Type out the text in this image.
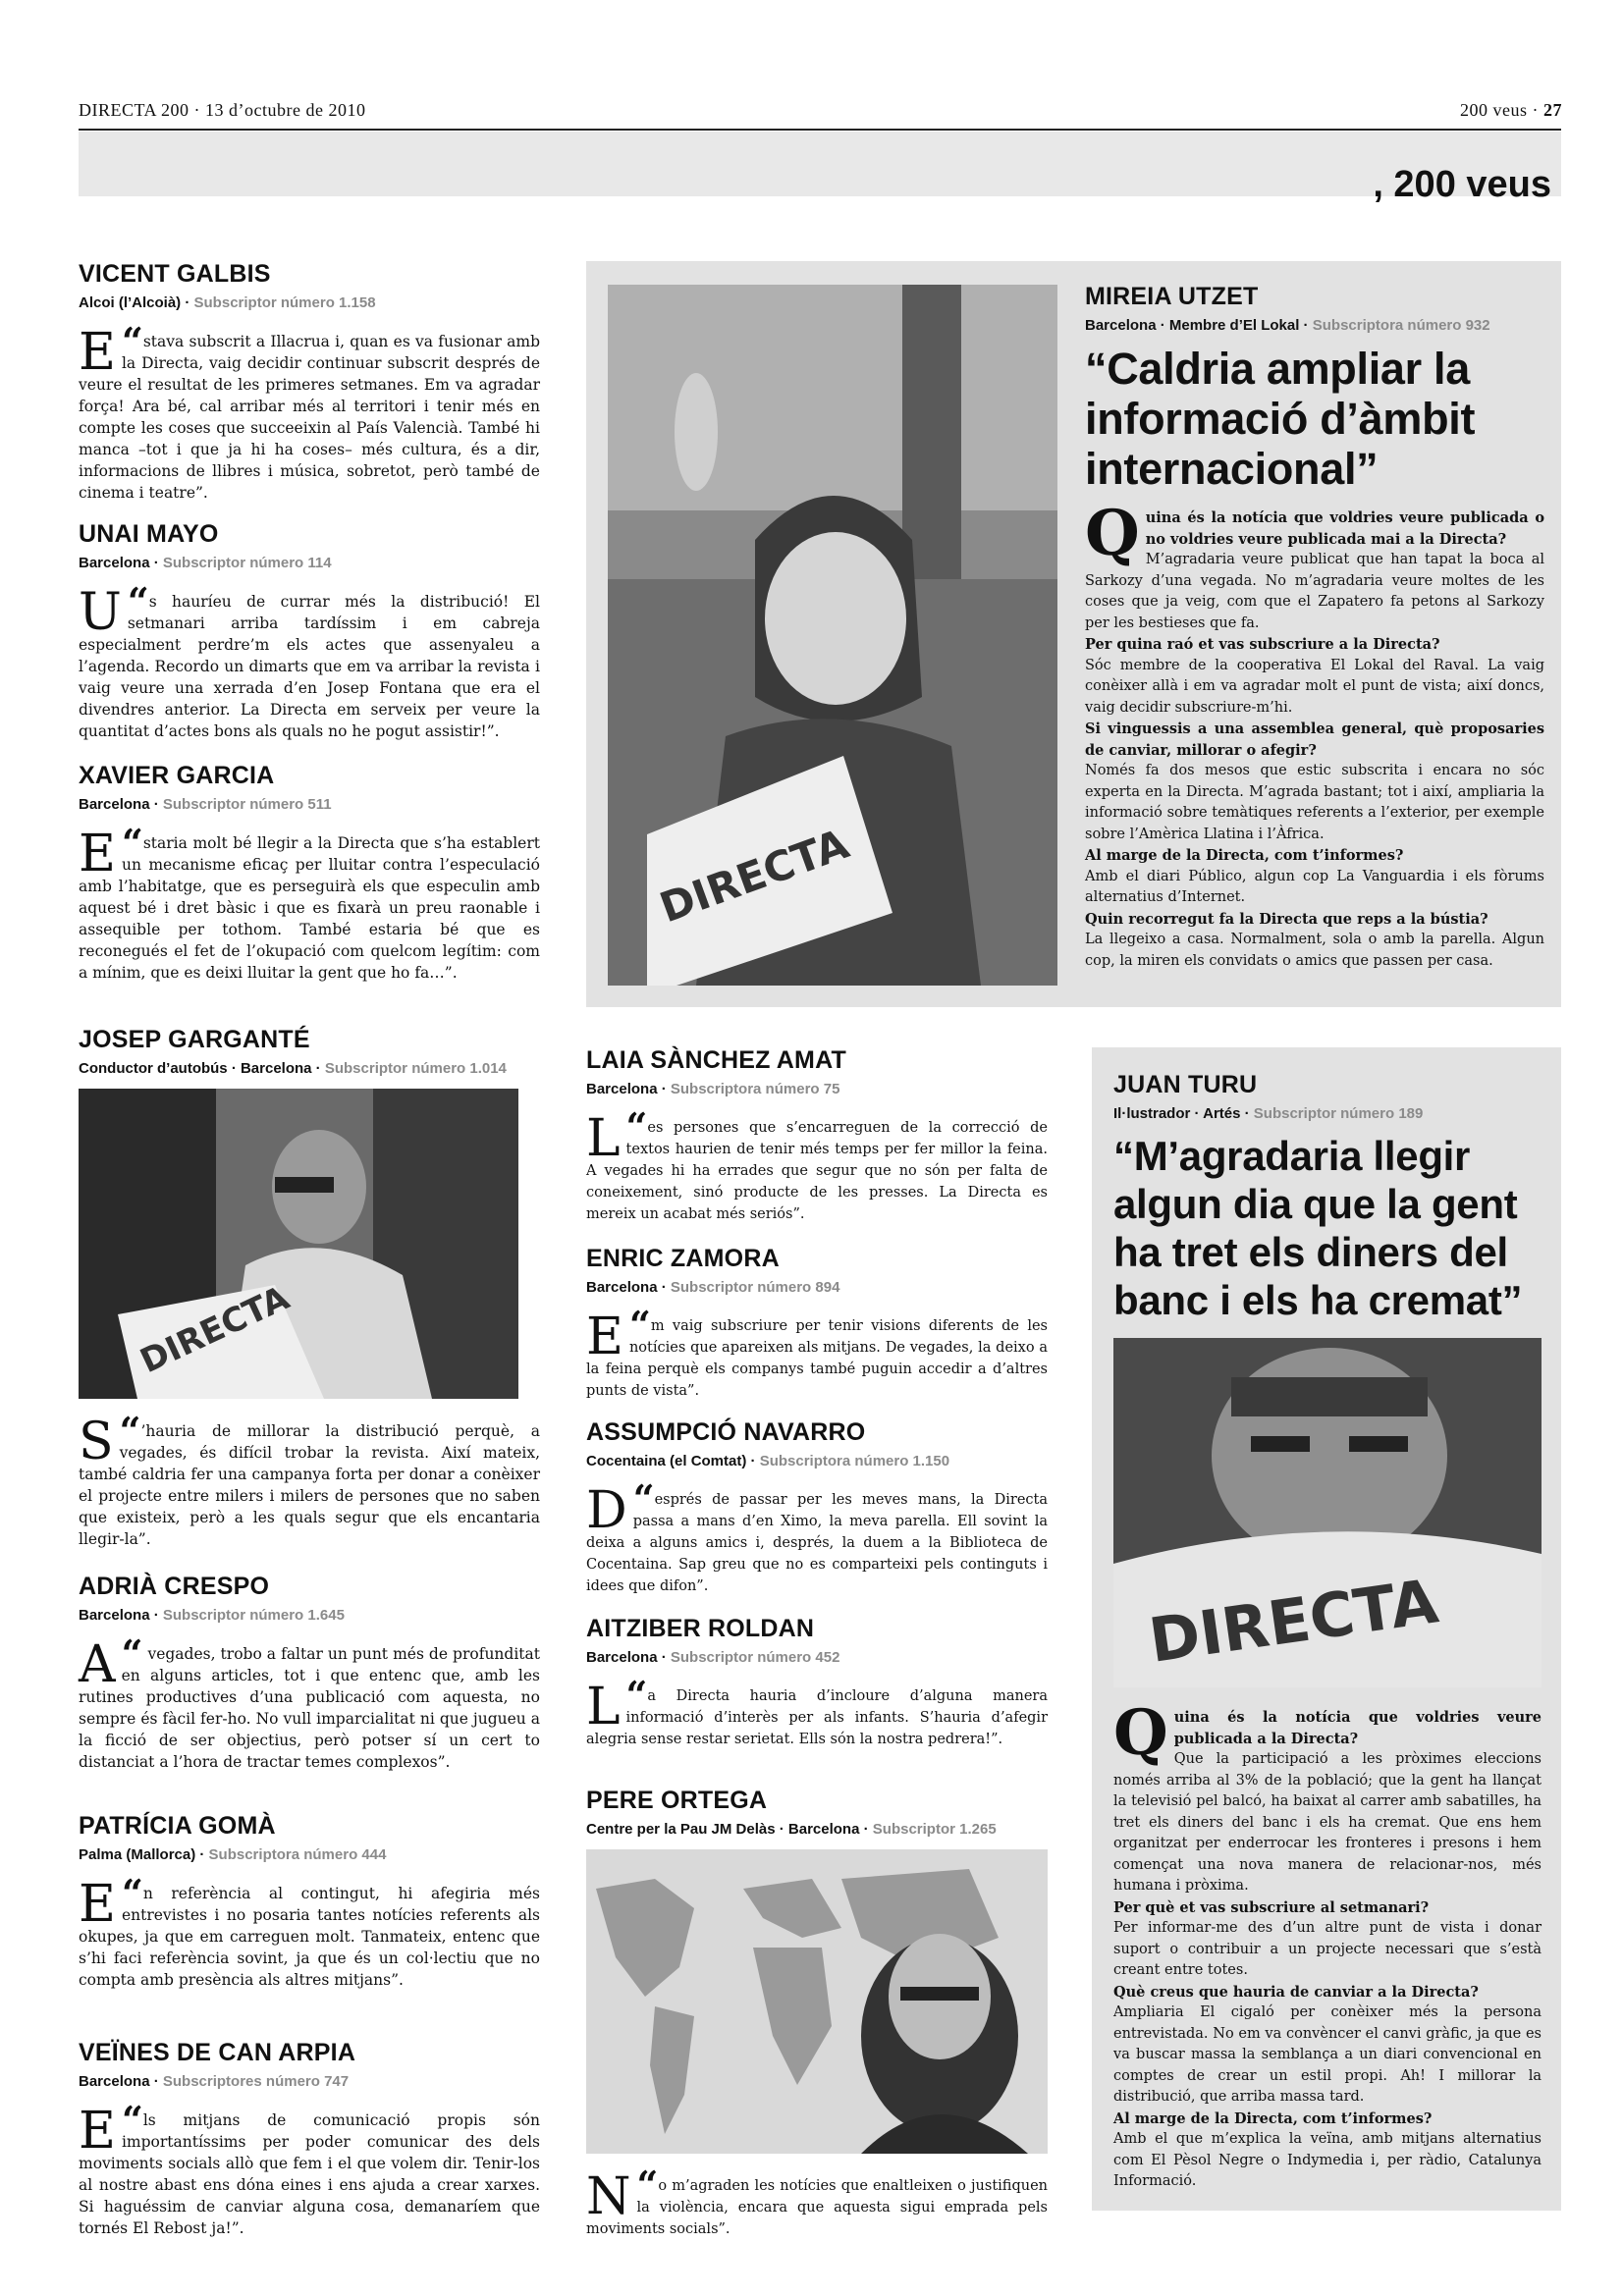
DIRECTA 200 · 13 d’octubre de 2010	200 veus · 27
, 200 veus

VICENT GALBIS

Alcoi (l’Alcoià) · Subscriptor número 1.158

“
E stava subscrit a Illacrua i, quan es va fusionar amb la Directa, vaig decidir continuar subscrit després de veure el resultat de les primeres setmanes. Em va agradar força! Ara bé, cal arribar més al territori i tenir més en compte les coses que succeeixin al País Valencià. També hi manca –tot i que ja hi ha coses– més cultura, és a dir, informacions de llibres i música, sobretot, però també de cinema i teatre”.

UNAI MAYO

Barcelona · Subscriptor número 114

“
U s hauríeu de currar més la distribució! El setmanari arriba tardíssim i em cabreja especialment perdre’m els actes que assenyaleu a l’agenda. Recordo un dimarts que em va arribar la revista i vaig veure una xerrada d’en Josep Fontana que era el divendres anterior. La Directa em serveix per veure la quantitat d’actes bons als quals no he pogut assistir!”.

XAVIER GARCIA

Barcelona · Subscriptor número 511

“
E staria molt bé llegir a la Directa que s’ha establert un mecanisme eficaç per lluitar contra l’especulació amb l’habitatge, que es perseguirà els que especulin amb aquest bé i dret bàsic i que es fixarà un preu raonable i assequible per tothom. També estaria bé que es reconegués el fet de l’okupació com quelcom legítim: com a mínim, que es deixi lluitar la gent que ho fa…”.

JOSEP GARGANTÉ

Conductor d’autobús · Barcelona · Subscriptor número 1.014

DIRECTA

“
S ’hauria de millorar la distribució perquè, a vegades, és difícil trobar la revista. Així mateix, també caldria fer una campanya forta per donar a conèixer el projecte entre milers i milers de persones que no saben que existeix, però a les quals segur que els encantaria llegir-la”.

ADRIÀ CRESPO

Barcelona · Subscriptor número 1.645

“
A vegades, trobo a faltar un punt més de profunditat en alguns articles, tot i que entenc que, amb les rutines productives d’una publicació com aquesta, no sempre és fàcil fer-ho. No vull imparcialitat ni que jugueu a la ficció de ser objectius, però potser sí un cert to distanciat a l’hora de tractar temes complexos”.

PATRÍCIA GOMÀ

Palma (Mallorca) · Subscriptora número 444

“
E n referència al contingut, hi afegiria més entrevistes i no posaria tantes notícies referents als okupes, ja que em carreguen molt. Tanmateix, entenc que s’hi faci referència sovint, ja que és un col·lectiu que no compta amb presència als altres mitjans”.

VEÏNES DE CAN ARPIA

Barcelona · Subscriptores número 747

“
E ls mitjans de comunicació propis són importantíssims per poder comunicar des dels moviments socials allò que fem i el que volem dir. Tenir-los al nostre abast ens dóna eines i ens ajuda a crear xarxes. Si haguéssim de canviar alguna cosa, demanaríem que tornés El Rebost ja!”.

DIRECTA

MIREIA UTZET

Barcelona · Membre d’El Lokal · Subscriptora número 932

“Caldria ampliar la informació d’àmbit internacional”

Quina és la notícia que voldries veure publicada o no voldries veure publicada mai a la Directa?

M’agradaria veure publicat que han tapat la boca al Sarkozy d’una vegada. No m’agradaria veure moltes de les coses que ja veig, com que el Zapatero fa petons al Sarkozy per les bestieses que fa.

Per quina raó et vas subscriure a la Directa?

Sóc membre de la cooperativa El Lokal del Raval. La vaig conèixer allà i em va agradar molt el punt de vista; així doncs, vaig decidir subscriure-m’hi.

Si vinguessis a una assemblea general, què proposaries de canviar, millorar o afegir?

Només fa dos mesos que estic subscrita i encara no sóc experta en la Directa. M’agrada bastant; tot i així, ampliaria la informació sobre temàtiques referents a l’exterior, per exemple sobre l’Amèrica Llatina i l’Àfrica.

Al marge de la Directa, com t’informes?

Amb el diari Público, algun cop La Vanguardia i els fòrums alternatius d’Internet.

Quin recorregut fa la Directa que reps a la bústia?

La llegeixo a casa. Normalment, sola o amb la parella. Algun cop, la miren els convidats o amics que passen per casa.

LAIA SÀNCHEZ AMAT

Barcelona · Subscriptora número 75

“
L es persones que s’encarreguen de la correcció de textos haurien de tenir més temps per fer millor la feina. A vegades hi ha errades que segur que no són per falta de coneixement, sinó producte de les presses. La Directa es mereix un acabat més seriós”.

ENRIC ZAMORA

Barcelona · Subscriptor número 894

“
E m vaig subscriure per tenir visions diferents de les notícies que apareixen als mitjans. De vegades, la deixo a la feina perquè els companys també puguin accedir a d’altres punts de vista”.

ASSUMPCIÓ NAVARRO

Cocentaina (el Comtat) · Subscriptora número 1.150

“
D esprés de passar per les meves mans, la Directa passa a mans d’en Ximo, la meva parella. Ell sovint la deixa a alguns amics i, després, la duem a la Biblioteca de Cocentaina. Sap greu que no es comparteixi pels continguts i idees que difon”.

AITZIBER ROLDAN

Barcelona · Subscriptor número 452

“
L a Directa hauria d’incloure d’alguna manera informació d’interès per als infants. S’hauria d’afegir alegria sense restar serietat. Ells són la nostra pedrera!”.

PERE ORTEGA

Centre per la Pau JM Delàs · Barcelona · Subscriptor 1.265

“
N o m’agraden les notícies que enaltleixen o justifiquen la violència, encara que aquesta sigui emprada pels moviments socials”.

JUAN TURU

Il·lustrador · Artés · Subscriptor número 189

“M’agradaria llegir algun dia que la gent ha tret els diners del banc i els ha cremat”

DIRECTA

Quina és la notícia que voldries veure publicada a la Directa?

Que la participació a les pròximes eleccions només arriba al 3% de la població; que la gent ha llançat la televisió pel balcó, ha baixat al carrer amb sabatilles, ha tret els diners del banc i els ha cremat. Que ens hem organitzat per enderrocar les fronteres i presons i hem començat una nova manera de relacionar-nos, més humana i pròxima.

Per què et vas subscriure al setmanari?

Per informar-me des d’un altre punt de vista i donar suport o contribuir a un projecte necessari que s’està creant entre totes.

Què creus que hauria de canviar a la Directa?

Ampliaria El cigaló per conèixer més la persona entrevistada. No em va convèncer el canvi gràfic, ja que es va buscar massa la semblança a un diari convencional en comptes de crear un estil propi. Ah! I millorar la distribució, que arriba massa tard.

Al marge de la Directa, com t’informes?

Amb el que m’explica la veïna, amb mitjans alternatius com El Pèsol Negre o Indymedia i, per ràdio, Catalunya Informació.
